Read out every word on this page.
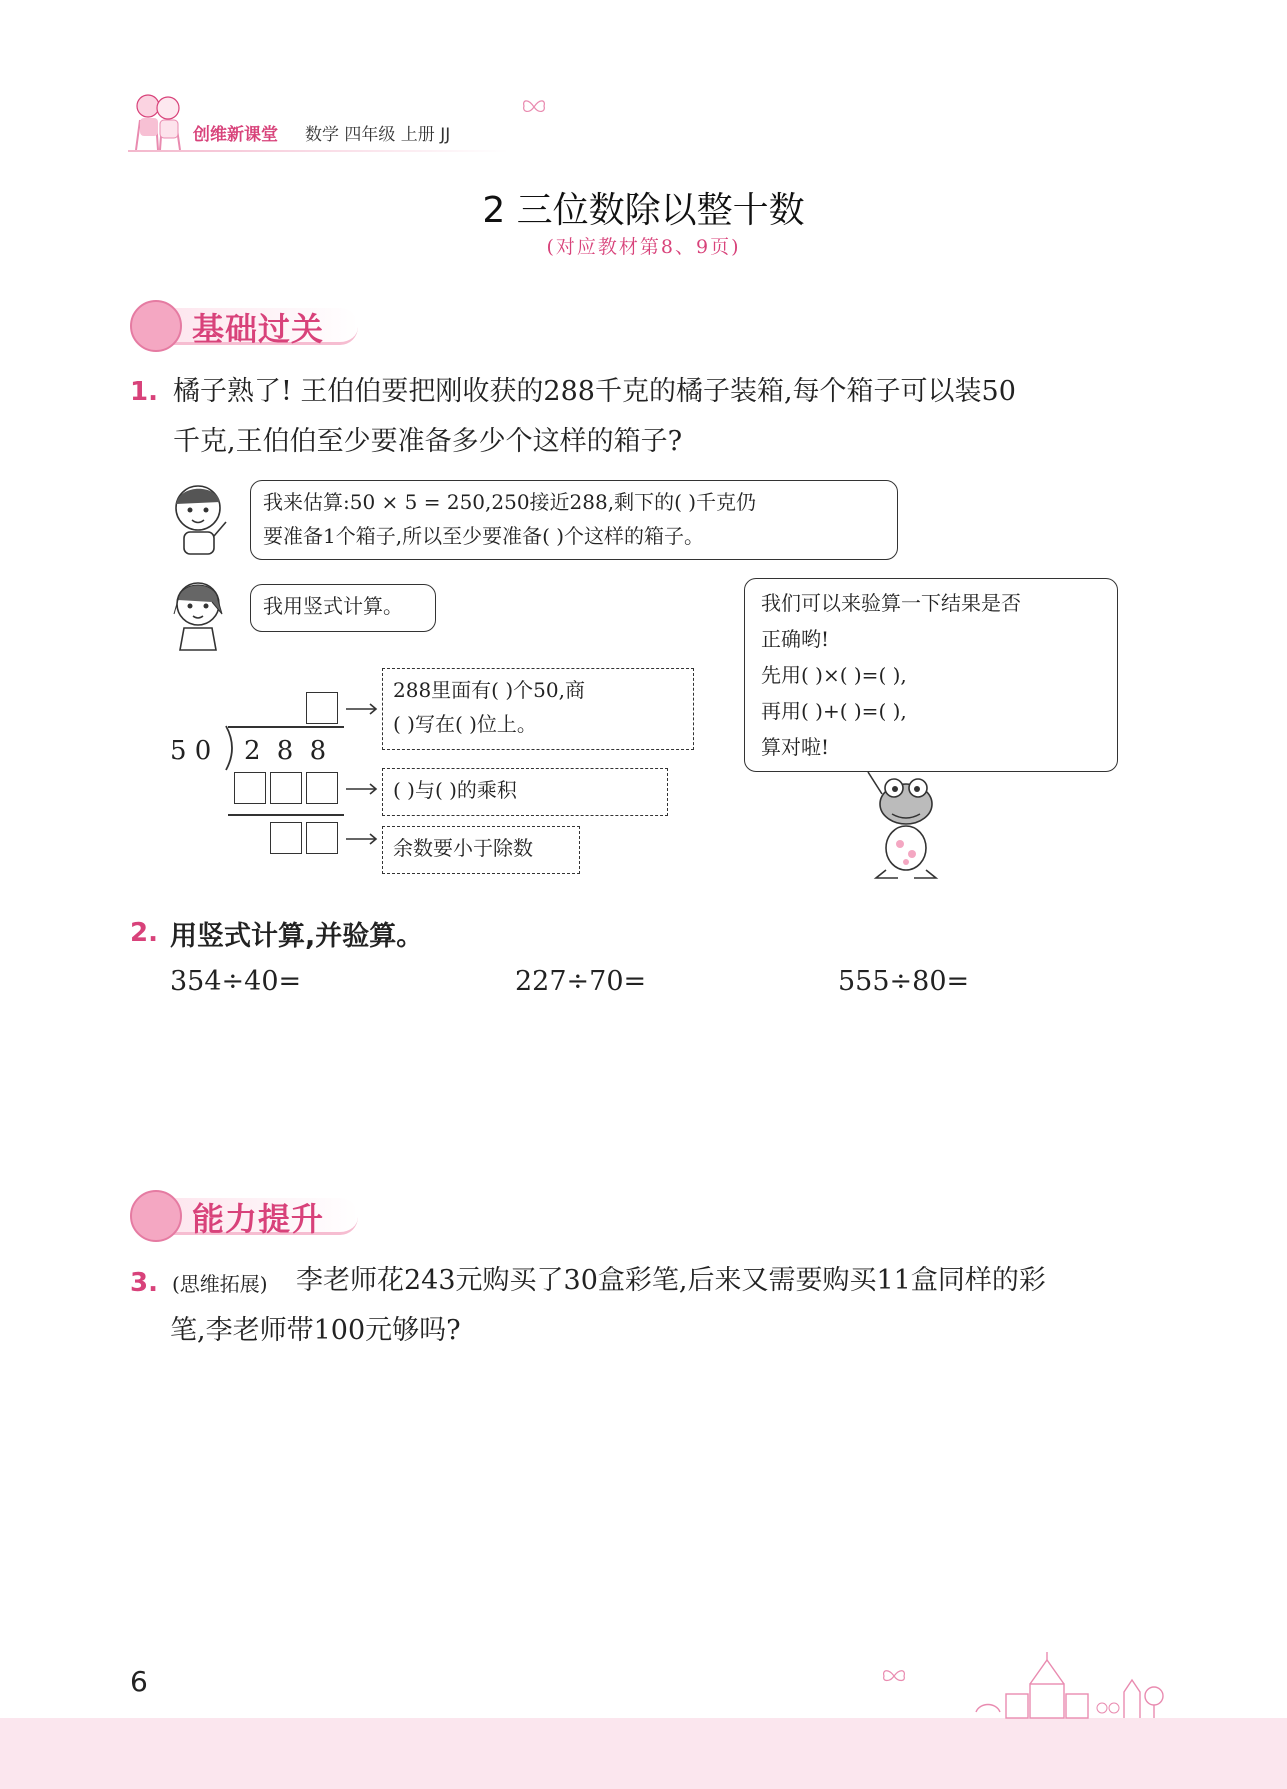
创维新课堂 数学 四年级 上册 JJ
2 三位数除以整十数
(对应教材第8、9页)
基础过关
1. 橘子熟了! 王伯伯要把刚收获的288千克的橘子装箱,每个箱子可以装50
千克,王伯伯至少要准备多少个这样的箱子?
我来估算:50 × 5 = 250,250接近288,剩下的( )千克仍
要准备1个箱子,所以至少要准备( )个这样的箱子。
我用竖式计算。
5 0 2 8 8
288里面有( )个50,商
( )写在( )位上。
( )与( )的乘积
余数要小于除数
我们可以来验算一下结果是否
正确哟!
先用( )×( )=( ),
再用( )+( )=( ),
算对啦!
2. 用竖式计算,并验算。
354÷40=	227÷70=	555÷80=
能力提升
3. (思维拓展) 李老师花243元购买了30盒彩笔,后来又需要购买11盒同样的彩
笔,李老师带100元够吗?
6
